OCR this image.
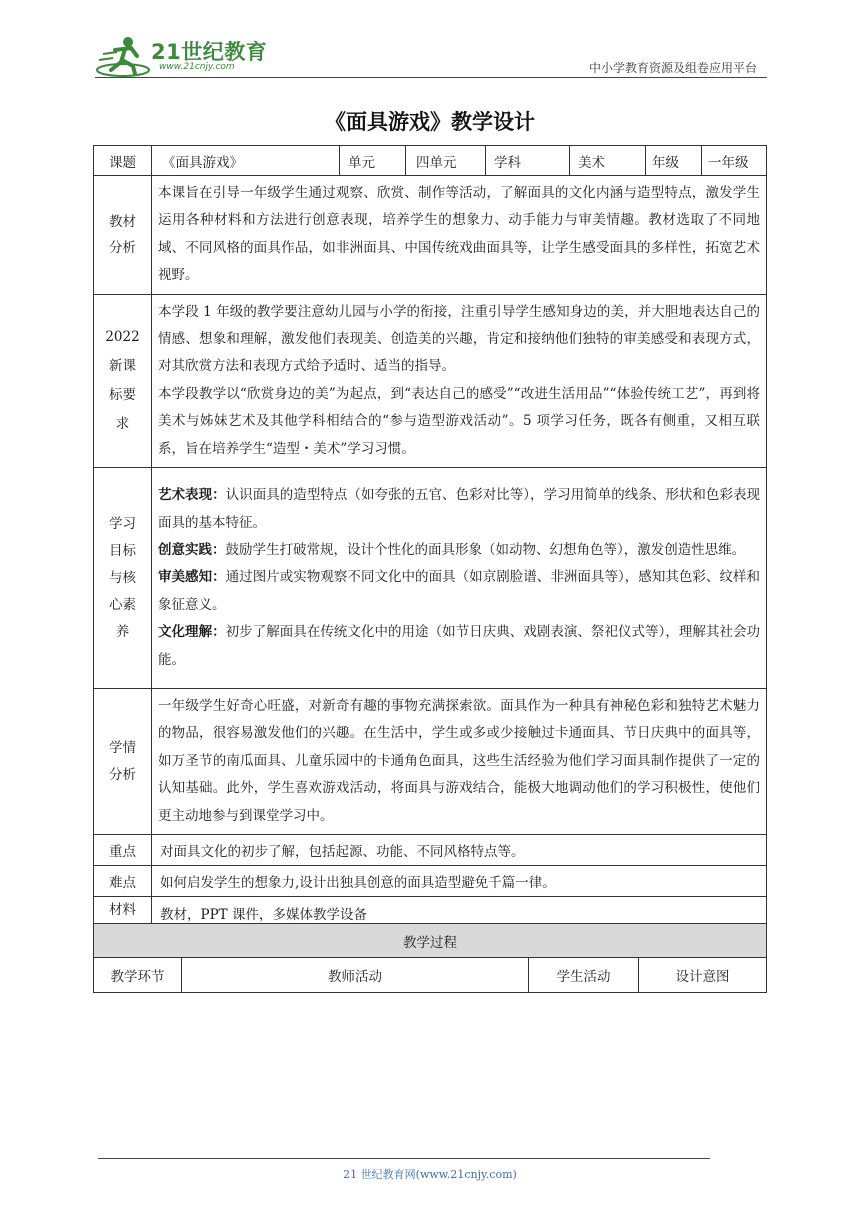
21世纪教育
www.21cnjy.com	中小学教育资源及组卷应用平台
《面具游戏》教学设计
课题	《面具游戏》	单元	四单元	学科	美术	年级	一年级
教材分析	本课旨在引导一年级学生通过观察、欣赏、制作等活动，了解面具的文化内涵与造型特点，激发学生运用各种材料和方法进行创意表现，培养学生的想象力、动手能力与审美情趣。教材选取了不同地域、不同风格的面具作品，如非洲面具、中国传统戏曲面具等，让学生感受面具的多样性，拓宽艺术视野。						
2022新课标要求	本学段 1 年级的教学要注意幼儿园与小学的衔接，注重引导学生感知身边的美，并大胆地表达自己的情感、想象和理解，激发他们表现美、创造美的兴趣，肯定和接纳他们独特的审美感受和表现方式，对其欣赏方法和表现方式给予适时、适当的指导。
本学段教学以“欣赏身边的美”为起点，到“表达自己的感受”“改进生活用品”“体验传统工艺”，再到将美术与姊妹艺术及其他学科相结合的“参与造型游戏活动”。5 项学习任务，既各有侧重，又相互联系，旨在培养学生“造型・美术”学习习惯。						

学习目标与核心素养	艺术表现：认识面具的造型特点（如夸张的五官、色彩对比等），学习用简单的线条、形状和色彩表现面具的基本特征。
创意实践：鼓励学生打破常规，设计个性化的面具形象（如动物、幻想角色等），激发创造性思维。
审美感知：通过图片或实物观察不同文化中的面具（如京剧脸谱、非洲面具等），感知其色彩、纹样和象征意义。
文化理解：初步了解面具在传统文化中的用途（如节日庆典、戏剧表演、祭祀仪式等），理解其社会功能。						

学情分析	一年级学生好奇心旺盛，对新奇有趣的事物充满探索欲。面具作为一种具有神秘色彩和独特艺术魅力的物品，很容易激发他们的兴趣。在生活中，学生或多或少接触过卡通面具、节日庆典中的面具等，如万圣节的南瓜面具、儿童乐园中的卡通角色面具，这些生活经验为他们学习面具制作提供了一定的认知基础。此外，学生喜欢游戏活动，将面具与游戏结合，能极大地调动他们的学习积极性，使他们更主动地参与到课堂学习中。						
重点	对面具文化的初步了解，包括起源、功能、不同风格特点等。						
难点	如何启发学生的想象力,设计出独具创意的面具造型避免千篇一律。						
材料准备	教材，PPT 课件，多媒体教学设备						
教学过程
教学环节	教师活动	学生活动	设计意图
21 世纪教育网(www.21cnjy.com)
